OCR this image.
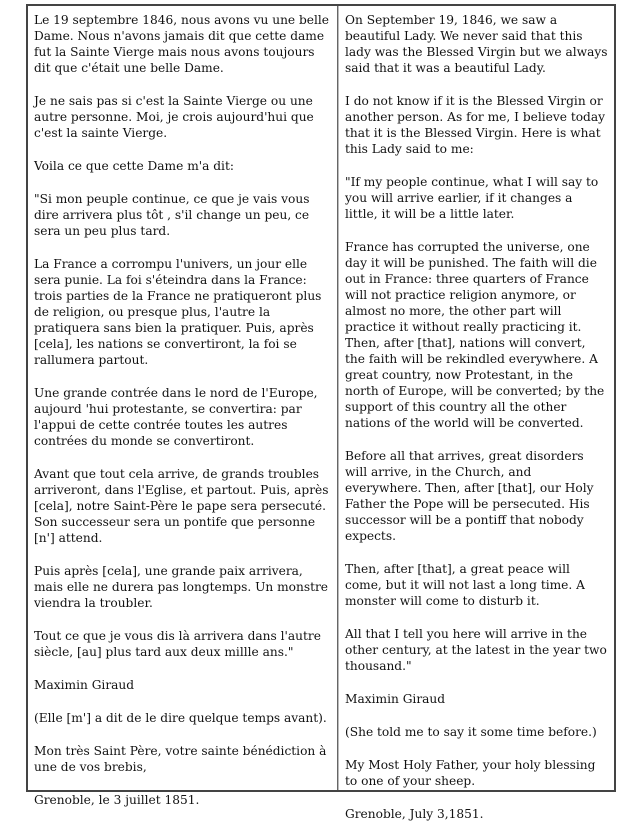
Le 19 septembre 1846, nous avons vu une belle Dame. Nous n'avons jamais dit que cette dame fut la Sainte Vierge mais nous avons toujours dit que c'était une belle Dame.

Je ne sais pas si c'est la Sainte Vierge ou une autre personne. Moi, je crois aujourd'hui que c'est la sainte Vierge.

Voila ce que cette Dame m'a dit:

"Si mon peuple continue, ce que je vais vous dire arrivera plus tôt , s'il change un peu, ce sera un peu plus tard.

La France a corrompu l'univers, un jour elle sera punie. La foi s'éteindra dans la France: trois parties de la France ne pratiqueront plus de religion, ou presque plus, l'autre la pratiquera sans bien la pratiquer. Puis, après [cela], les nations se convertiront, la foi se rallumera partout.

Une grande contrée dans le nord de l'Europe, aujourd 'hui protestante, se convertira: par l'appui de cette contrée toutes les autres contrées du monde se convertiront.

Avant que tout cela arrive, de grands troubles arriveront, dans l'Eglise, et partout. Puis, après [cela], notre Saint-Père le pape sera persecuté. Son successeur sera un pontife que personne [n'] attend.

Puis après [cela], une grande paix arrivera, mais elle ne durera pas longtemps. Un monstre viendra la troubler.

Tout ce que je vous dis là arrivera dans l'autre siècle, [au] plus tard aux deux millle ans."

Maximin Giraud

(Elle [m'] a dit de le dire quelque temps avant).

Mon très Saint Père, votre sainte bénédiction à une de vos brebis,

Grenoble, le 3 juillet 1851.

On September 19, 1846, we saw a beautiful Lady. We never said that this lady was the Blessed Virgin but we always said that it was a beautiful Lady.

I do not know if it is the Blessed Virgin or another person. As for me, I believe today that it is the Blessed Virgin. Here is what this Lady said to me:

"If my people continue, what I will say to you will arrive earlier, if it changes a little, it will be a little later.

France has corrupted the universe, one day it will be punished. The faith will die out in France: three quarters of France will not practice religion anymore, or almost no more, the other part will practice it without really practicing it. Then, after [that], nations will convert, the faith will be rekindled everywhere. A great country, now Protestant, in the north of Europe, will be converted; by the support of this country all the other nations of the world will be converted.

Before all that arrives, great disorders will arrive, in the Church, and everywhere. Then, after [that], our Holy Father the Pope will be persecuted. His successor will be a pontiff that nobody expects.

Then, after [that], a great peace will come, but it will not last a long time. A monster will come to disturb it.

All that I tell you here will arrive in the other century, at the latest in the year two thousand."

Maximin Giraud

(She told me to say it some time before.)

My Most Holy Father, your holy blessing to one of your sheep.

Grenoble, July 3,1851.
